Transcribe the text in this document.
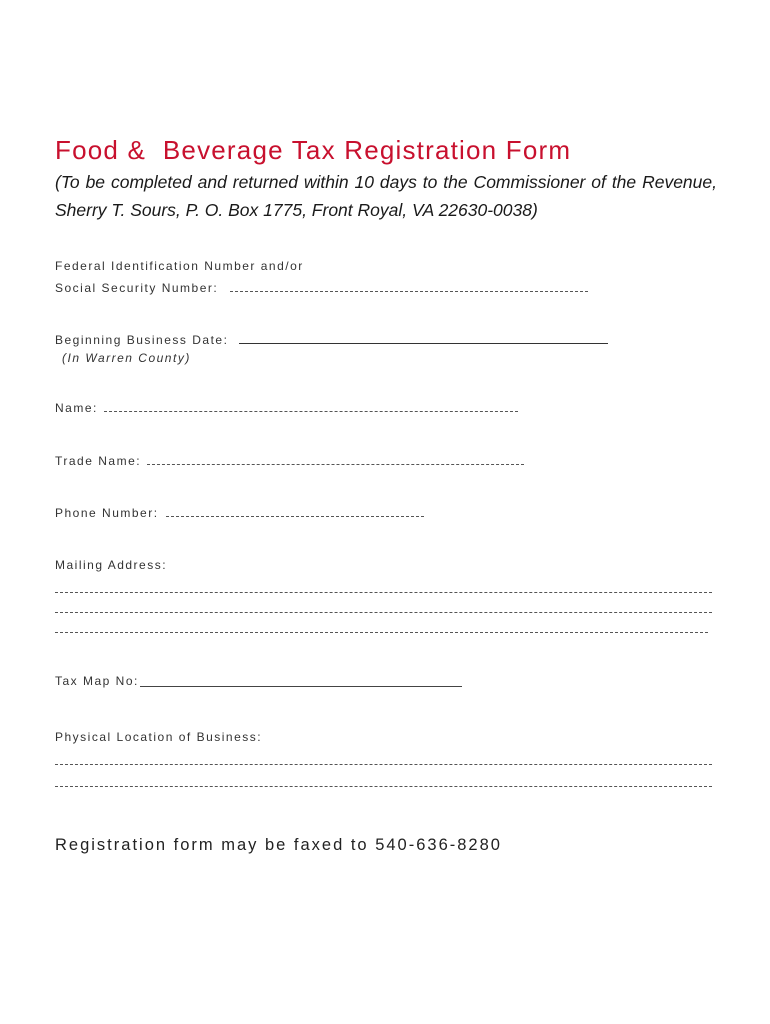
Food &  Beverage Tax Registration Form
(To be completed and returned within 10 days to the Commissioner of the Revenue, Sherry T. Sours, P. O. Box 1775, Front Royal, VA 22630-0038)
Federal Identification Number and/or
Social Security Number:
Beginning Business Date:
(In Warren County)
Name:
Trade Name:
Phone Number:
Mailing Address:
Tax Map No:
Physical Location of Business:
Registration form may be faxed to 540-636-8280
